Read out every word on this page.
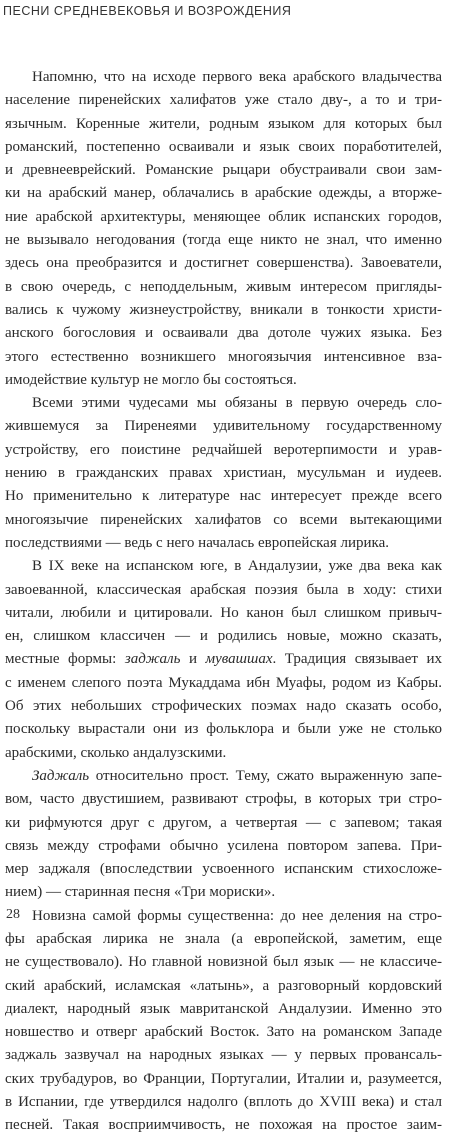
ПЕСНИ СРЕДНЕВЕКОВЬЯ И ВОЗРОЖДЕНИЯ
Напомню, что на исходе первого века арабского владычества
население пиренейских халифатов уже стало дву-, а то и три-
язычным. Коренные жители, родным языком для которых был
романский, постепенно осваивали и язык своих поработителей,
и древнееврейский. Романские рыцари обустраивали свои зам-
ки на арабский манер, облачались в арабские одежды, а вторже-
ние арабской архитектуры, меняющее облик испанских городов,
не вызывало негодования (тогда еще никто не знал, что именно
здесь она преобразится и достигнет совершенства). Завоеватели,
в свою очередь, с неподдельным, живым интересом пригляды-
вались к чужому жизнеустройству, вникали в тонкости христи-
анского богословия и осваивали два дотоле чужих языка. Без
этого естественно возникшего многоязычия интенсивное вза-
имодействие культур не могло бы состояться.
Всеми этими чудесами мы обязаны в первую очередь сло-
жившемуся за Пиренеями удивительному государственному
устройству, его поистине редчайшей веротерпимости и урав-
нению в гражданских правах христиан, мусульман и иудеев.
Но применительно к литературе нас интересует прежде всего
многоязычие пиренейских халифатов со всеми вытекающими
последствиями — ведь с него началась европейская лирика.
В IX веке на испанском юге, в Андалузии, уже два века как
завоеванной, классическая арабская поэзия была в ходу: стихи
читали, любили и цитировали. Но канон был слишком привыч-
ен, слишком классичен — и родились новые, можно сказать,
местные формы: заджаль и мувашшах. Традиция связывает их
с именем слепого поэта Мукаддама ибн Муафы, родом из Кабры.
Об этих небольших строфических поэмах надо сказать особо,
поскольку вырастали они из фольклора и были уже не столько
арабскими, сколько андалузскими.
Заджаль относительно прост. Тему, сжато выраженную запе-
вом, часто двустишием, развивают строфы, в которых три стро-
ки рифмуются друг с другом, а четвертая — с запевом; такая
связь между строфами обычно усилена повтором запева. При-
мер заджаля (впоследствии усвоенного испанским стихосложе-
нием) — старинная песня «Три мориски».
Новизна самой формы существенна: до нее деления на стро-
фы арабская лирика не знала (а европейской, заметим, еще
не существовало). Но главной новизной был язык — не классиче-
ский арабский, исламская «латынь», а разговорный кордовский
диалект, народный язык мавританской Андалузии. Именно это
новшество и отверг арабский Восток. Зато на романском Западе
заджаль зазвучал на народных языках — у первых провансаль-
ских трубадуров, во Франции, Португалии, Италии и, разумеется,
в Испании, где утвердился надолго (вплоть до XVIII века) и стал
песней. Такая восприимчивость, не похожая на простое заим-
28
